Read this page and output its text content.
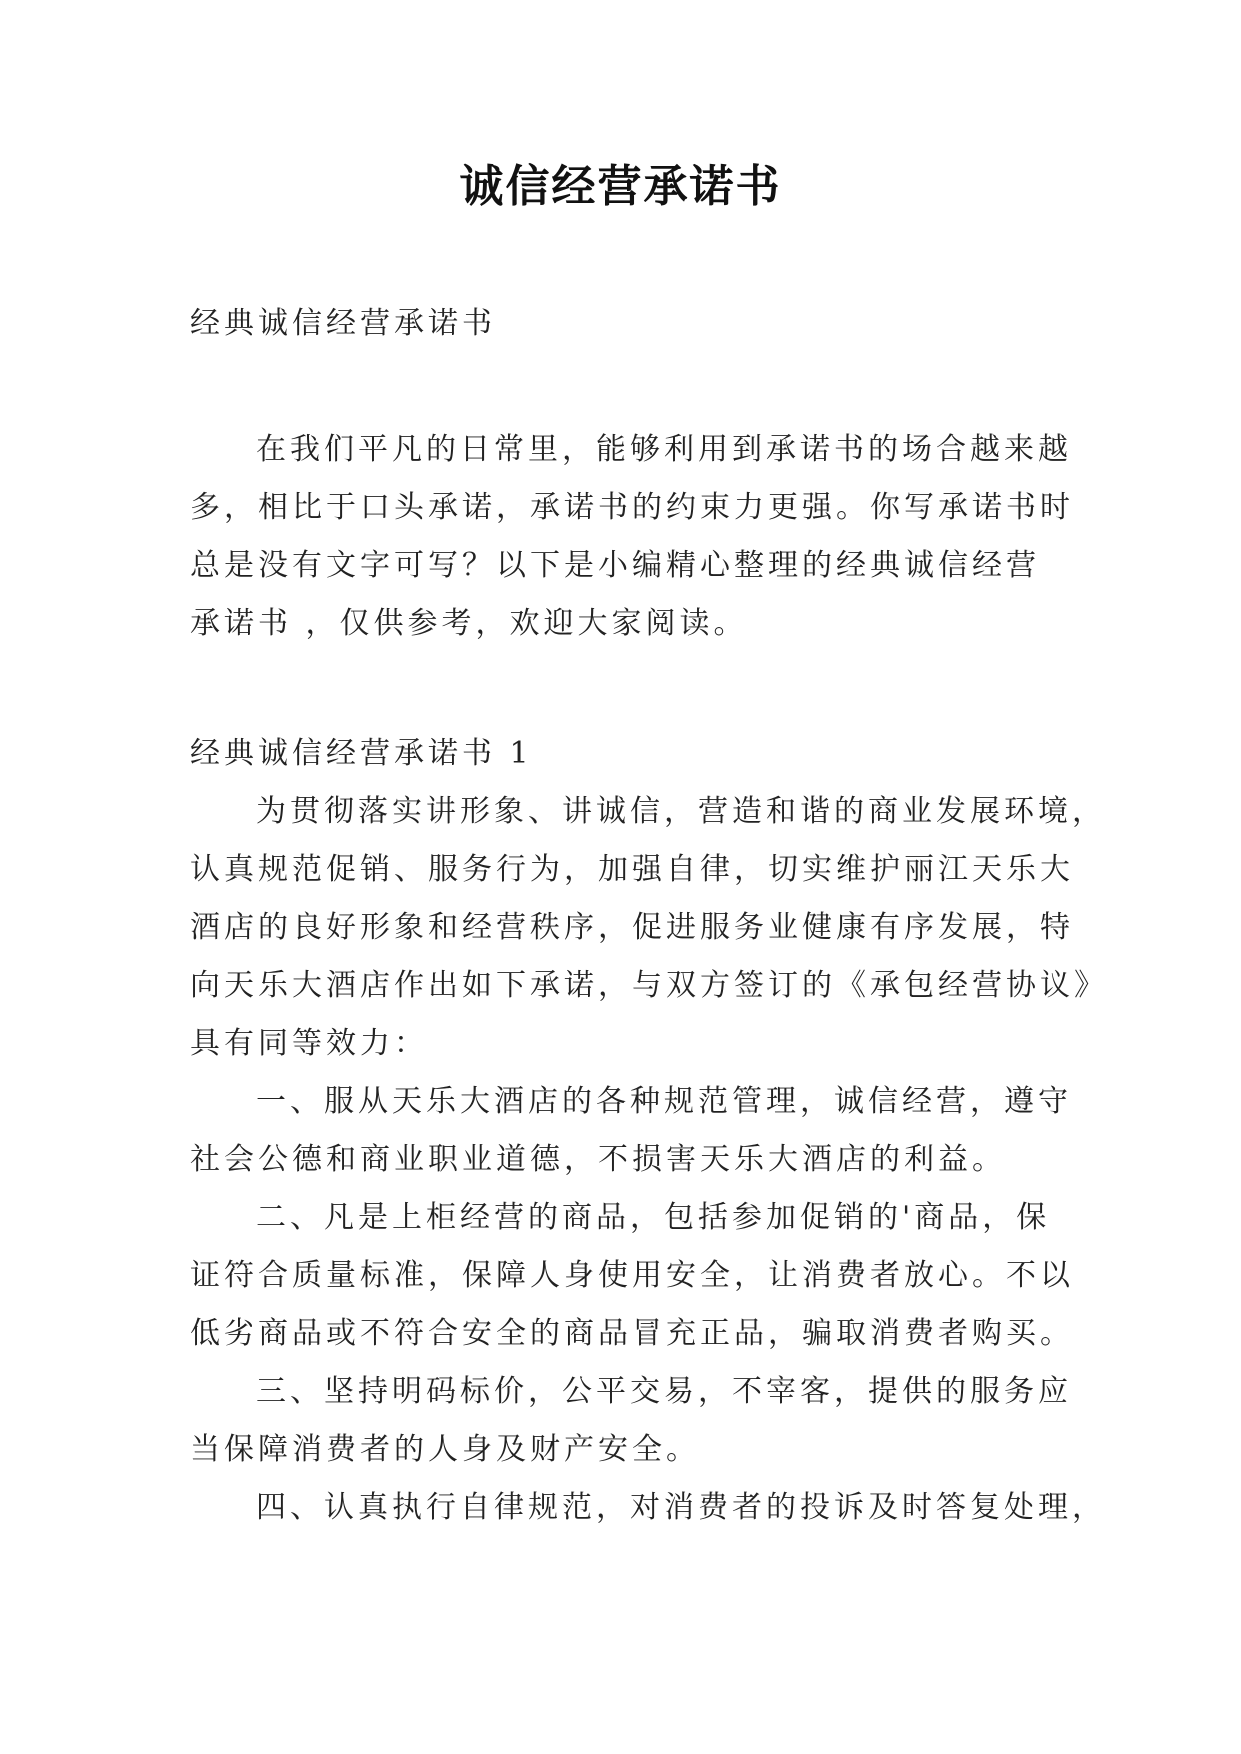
诚信经营承诺书
经典诚信经营承诺书
在我们平凡的日常里，能够利用到承诺书的场合越来越
多，相比于口头承诺，承诺书的约束力更强。你写承诺书时
总是没有文字可写？以下是小编精心整理的经典诚信经营
承诺书 ，仅供参考，欢迎大家阅读。
经典诚信经营承诺书 1
为贯彻落实讲形象、讲诚信，营造和谐的商业发展环境，
认真规范促销、服务行为，加强自律，切实维护丽江天乐大
酒店的良好形象和经营秩序，促进服务业健康有序发展，特
向天乐大酒店作出如下承诺，与双方签订的《承包经营协议》
具有同等效力：
一、服从天乐大酒店的各种规范管理，诚信经营，遵守
社会公德和商业职业道德，不损害天乐大酒店的利益。
二、凡是上柜经营的商品，包括参加促销的'商品，保
证符合质量标准，保障人身使用安全，让消费者放心。不以
低劣商品或不符合安全的商品冒充正品，骗取消费者购买。
三、坚持明码标价，公平交易，不宰客，提供的服务应
当保障消费者的人身及财产安全。
四、认真执行自律规范，对消费者的投诉及时答复处理，
